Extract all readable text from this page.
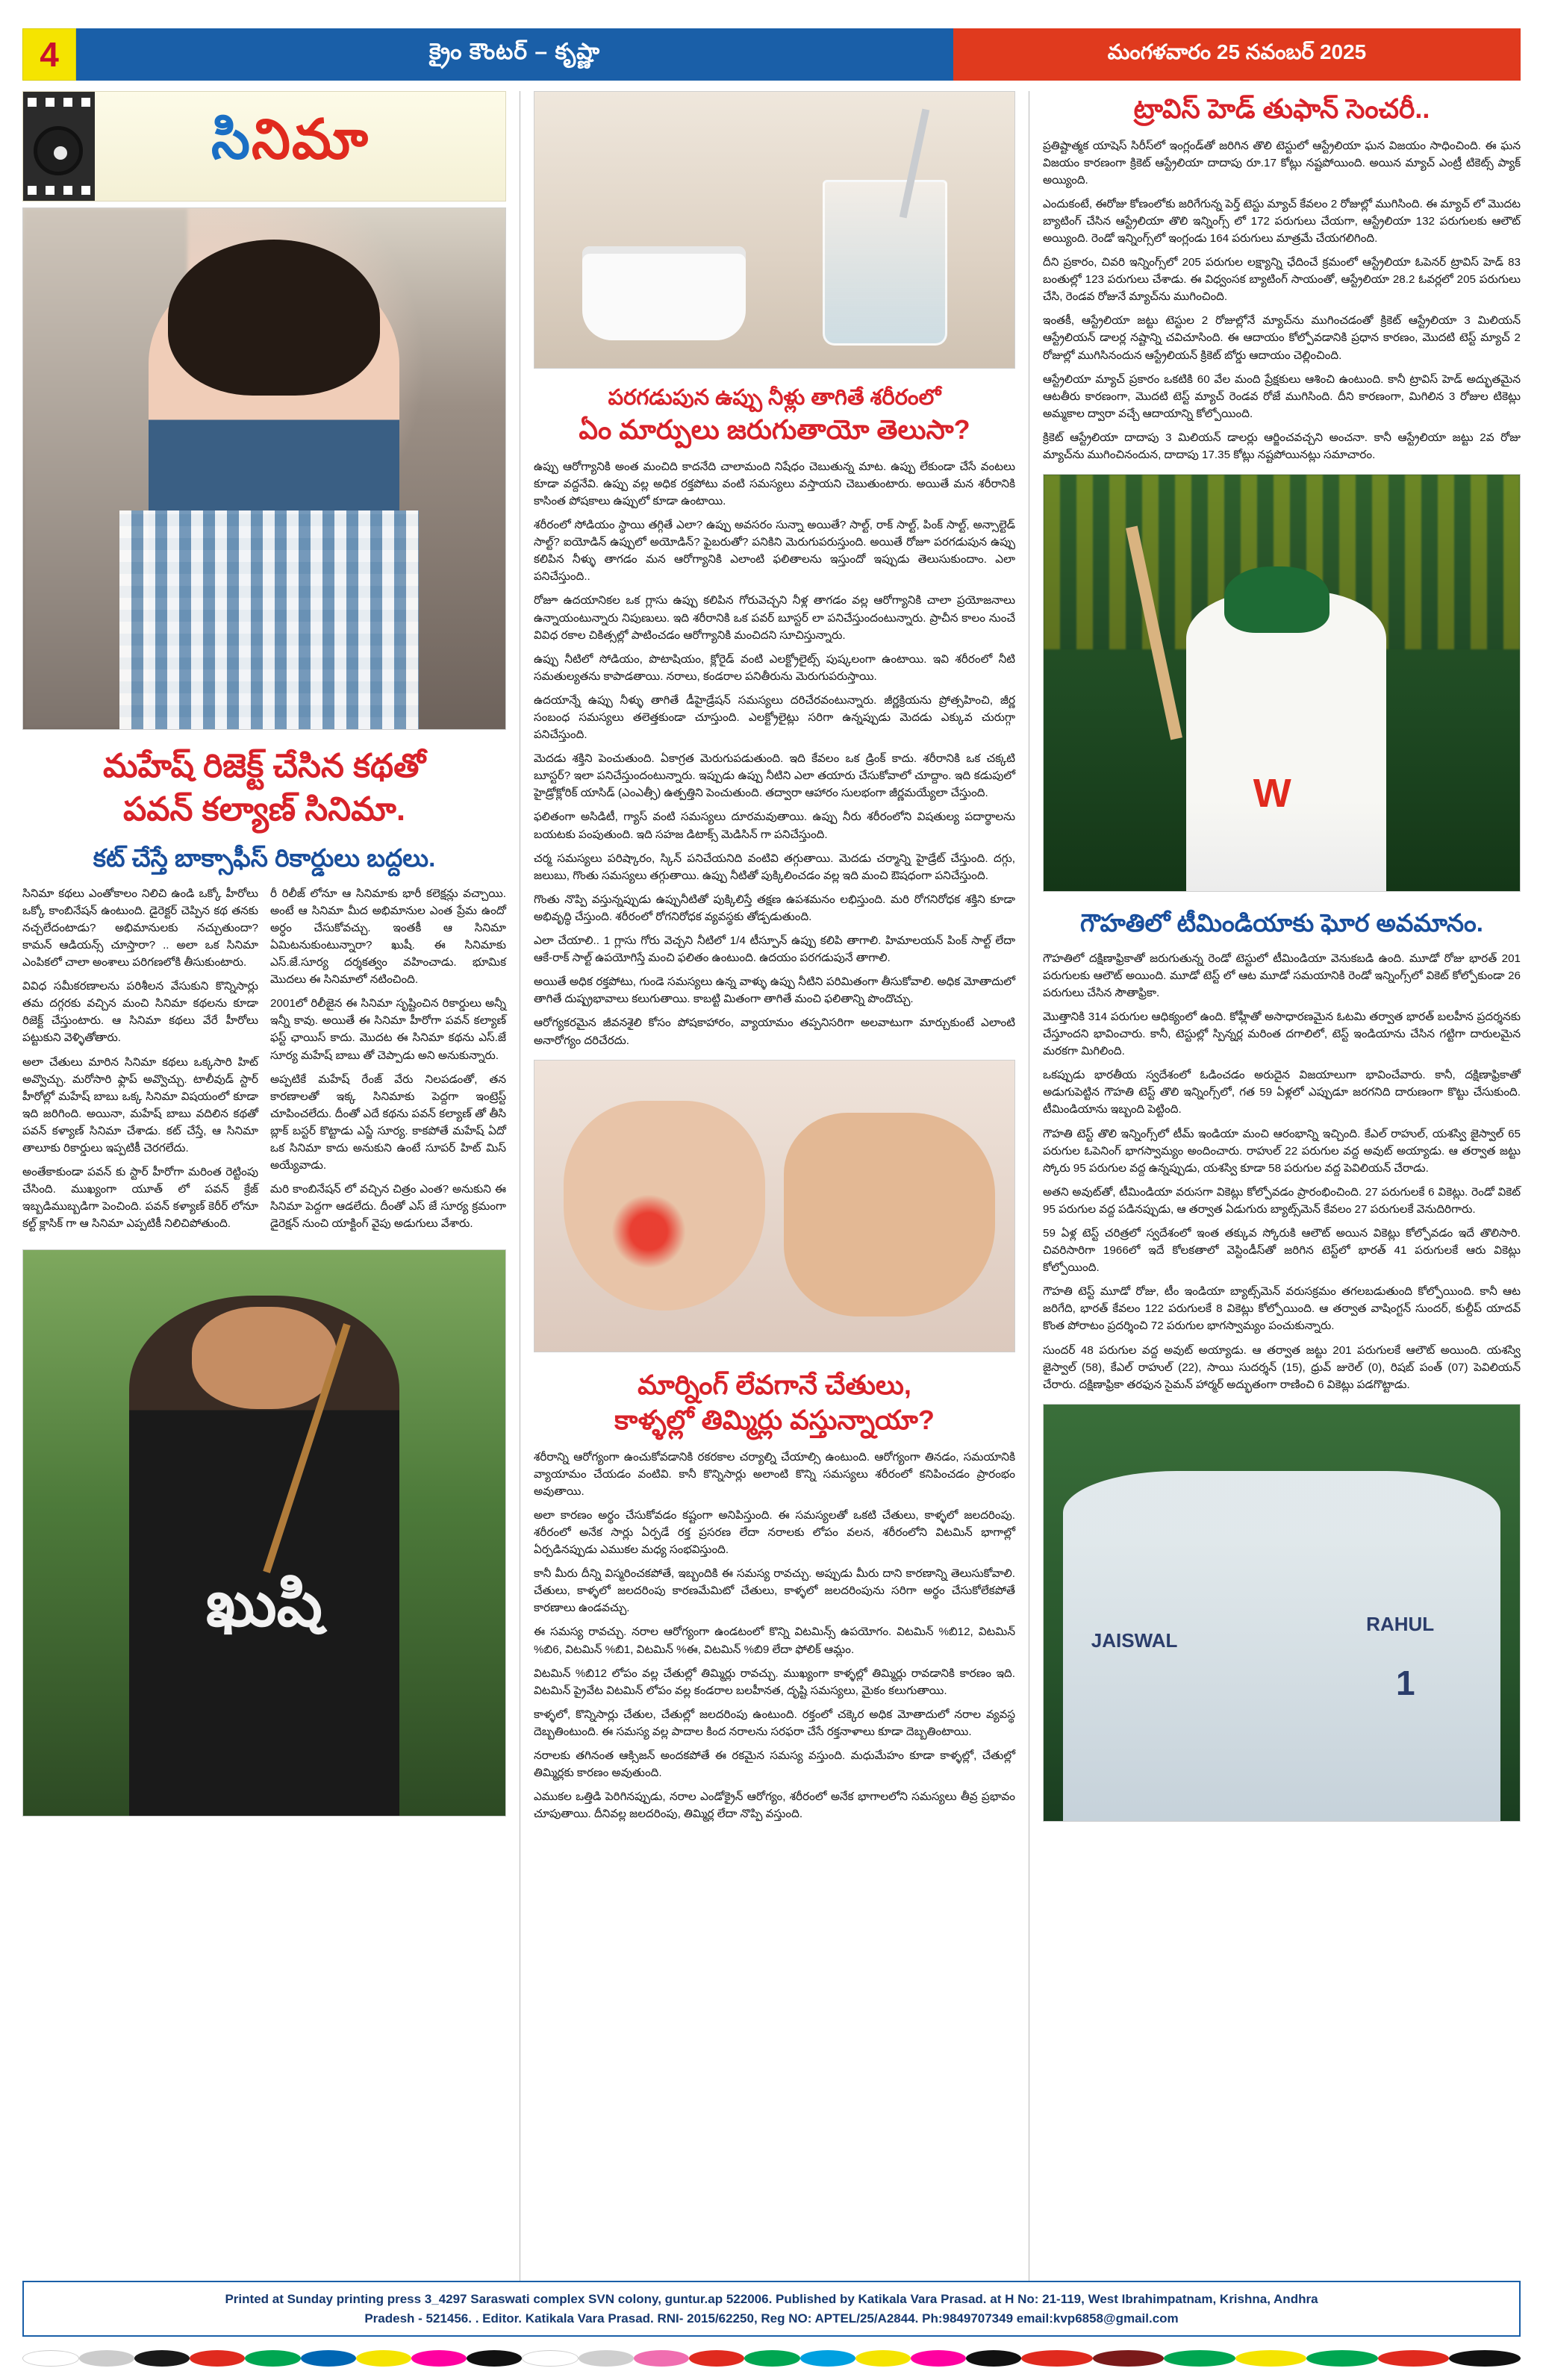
4	క్రైం కౌంటర్ – కృష్ణా	మంగళవారం 25 నవంబర్ 2025
సినిమా
మహేష్ రిజెక్ట్ చేసిన కథతో
పవన్ కల్యాణ్ సినిమా.
కట్ చేస్తే బాక్సాఫీస్ రికార్డులు బద్దలు.

సినిమా కథలు ఎంతోకాలం నిలిచి ఉండి ఒక్కో హీరోలు ఒక్కో కాంబినేషన్ ఉంటుంది. డైరెక్టర్ చెప్పిన కథ తనకు నచ్చలేదంటాడు? అభిమానులకు నచ్చుతుందా? కామన్ ఆడియన్స్ చూస్తారా? .. అలా ఒక సినిమా ఎంపికలో చాలా అంశాలు పరిగణలోకి తీసుకుంటారు.

వివిధ సమీకరణాలను పరిశీలన వేసుకుని కొన్నిసార్లు తమ దగ్గరకు వచ్చిన మంచి సినిమా కథలను కూడా రిజెక్ట్ చేస్తుంటారు. ఆ సినిమా కథలు వేరే హీరోలు పట్టుకుని వెళ్ళితోతారు.

అలా చేతులు మారిన సినిమా కథలు ఒక్కసారి హిట్ అవ్వొచ్చు. మరోసారి ఫ్లాప్ అవ్వొచ్చు. టాలీవుడ్ స్టార్ హీరోల్లో మహేష్ బాబు ఒక్క సినిమా విషయంలో కూడా ఇది జరిగింది. అయినా, మహేష్ బాబు వదిలిన కథతో పవన్ కళ్యాణ్ సినిమా చేశాడు. కట్ చేస్తే, ఆ సినిమా తాలూకు రికార్డులు ఇప్పటికీ చెరగలేదు.

అంతేకాకుండా పవన్ కు స్టార్ హీరోగా మరింత రెట్టింపు చేసింది. ముఖ్యంగా యూత్ లో పవన్ క్రేజ్ ఇబ్బడిముబ్బడిగా పెంచింది. పవన్ కళ్యాణ్ కెరీర్ లోనూ కల్ట్ క్లాసిక్ గా ఆ సినిమా ఎప్పటికీ నిలిచిపోతుంది.

రీ రిలీజ్ లోనూ ఆ సినిమాకు భారీ కలెక్షన్లు వచ్చాయి. అంటే ఆ సినిమా మీద అభిమానుల ఎంత ప్రేమ ఉందో అర్ధం చేసుకోవచ్చు. ఇంతకీ ఆ సినిమా ఏమిటనుకుంటున్నారా? ఖుషీ. ఈ సినిమాకు ఎస్.జే.సూర్య దర్శకత్వం వహించాడు. భూమిక మొదలు ఈ సినిమాలో నటించింది.

2001లో రిలీజైన ఈ సినిమా సృష్టించిన రికార్డులు అన్నీ ఇన్నీ కావు. అయితే ఈ సినిమా హీరోగా పవన్ కల్యాణ్ ఫస్ట్ ఛాయిస్ కాదు. మొదట ఈ సినిమా కథను ఎస్.జే సూర్య మహేష్ బాబు తో చెప్పాడు అని అనుకున్నారు.

అప్పటికే మహేష్ రేంజ్ వేరు నిలపడంతో, తన కారణాలతో ఇక్క సినిమాకు పెద్దగా ఇంట్రెస్ట్ చూపించలేదు. దీంతో ఎదే కథను పవన్ కల్యాణ్ తో తీసి బ్లాక్ బస్టర్ కొట్టాడు ఎస్జే సూర్య. కాకపోతే మహేష్ ఏదో ఒక సినిమా కాదు అనుకుని ఉంటే సూపర్ హిట్ మిస్ అయ్యేవాడు.

మరి కాంబినేషన్ లో వచ్చిన చిత్రం ఎంత? అనుకుని ఈ సినిమా పెద్దగా ఆడలేదు. దీంతో ఎస్ జే సూర్య క్రమంగా డైరెక్షన్ నుంచి యాక్టింగ్ వైపు అడుగులు వేశారు.

ఖుషి
పరగడుపున ఉప్పు నీళ్లు తాగితే శరీరంలో
ఏం మార్పులు జరుగుతాయో తెలుసా?

ఉప్పు ఆరోగ్యానికి అంత మంచిది కాదనేది చాలామంది నిషేధం చెబుతున్న మాట. ఉప్పు లేకుండా చేసే వంటలు కూడా వద్దనేవి. ఉప్పు వల్ల అధిక రక్తపోటు వంటి సమస్యలు వస్తాయని చెబుతుంటారు. అయితే మన శరీరానికి కాసింత పోషకాలు ఉప్పులో కూడా ఉంటాయి.

శరీరంలో సోడియం స్థాయి తగ్గితే ఎలా? ఉప్పు అవసరం సున్నా అయితే? సాల్ట్, రాక్ సాల్ట్, పింక్ సాల్ట్, అన్సాల్టెడ్ సాల్ట్? ఐయోడిన్ ఉప్పులో అయోడిన్? ఫైబరుతో? పనికిని మెరుగుపరుస్తుంది. అయితే రోజూ పరగడుపున ఉప్పు కలిపిన నీళ్ళు తాగడం మన ఆరోగ్యానికి ఎలాంటి ఫలితాలను ఇస్తుందో ఇప్పుడు తెలుసుకుందాం. ఎలా పనిచేస్తుంది..

రోజూ ఉదయానికల ఒక గ్లాసు ఉప్పు కలిపిన గోరువెచ్చని నీళ్ల తాగడం వల్ల ఆరోగ్యానికి చాలా ప్రయోజనాలు ఉన్నాయంటున్నారు నిపుణులు. ఇది శరీరానికి ఒక పవర్ బూస్టర్ లా పనిచేస్తుందంటున్నారు. ప్రాచీన కాలం నుంచే వివిధ రకాల చికిత్సల్లో పాటించడం ఆరోగ్యానికి మంచిదని సూచిస్తున్నారు.

ఉప్పు నీటిలో సోడియం, పొటాషియం, క్లోరైడ్ వంటి ఎలక్ట్రోలైట్స్ పుష్కలంగా ఉంటాయి. ఇవి శరీరంలో నీటి సమతుల్యతను కాపాడతాయి. నరాలు, కండరాల పనితీరును మెరుగుపరుస్తాయి.

ఉదయాన్నే ఉప్పు నీళ్ళు తాగితే డీహైడ్రేషన్ సమస్యలు దరిచేరవంటున్నారు. జీర్ణక్రియను ప్రోత్సహించి, జీర్ణ సంబంధ సమస్యలు తలెత్తకుండా చూస్తుంది. ఎలక్ట్రోలైట్లు సరిగా ఉన్నప్పుడు మెదడు ఎక్కువ చురుగ్గా పనిచేస్తుంది.

మెదడు శక్తిని పెంచుతుంది. ఏకాగ్రత మెరుగుపడుతుంది. ఇది కేవలం ఒక డ్రింక్ కాదు. శరీరానికి ఒక చక్కటి బూస్టర్? ఇలా పనిచేస్తుందంటున్నారు. ఇప్పుడు ఉప్పు నీటిని ఎలా తయారు చేసుకోవాలో చూద్దాం. ఇది కడుపులో హైడ్రోక్లోరిక్ యాసిడ్ (ఎంఎత్సీ) ఉత్పత్తిని పెంచుతుంది. తద్వారా ఆహారం సులభంగా జీర్ణమయ్యేలా చేస్తుంది.

ఫలితంగా అసిడిటీ, గ్యాస్ వంటి సమస్యలు దూరమవుతాయి. ఉప్పు నీరు శరీరంలోని విషతుల్య పదార్థాలను బయటకు పంపుతుంది. ఇది సహజ డిటాక్స్ మెడిసిన్ గా పనిచేస్తుంది.

చర్మ సమస్యలు పరిష్కారం, స్కిన్ పనిచేయనిది వంటివి తగ్గుతాయి. మెదడు చర్మాన్ని హైడ్రేట్ చేస్తుంది. దగ్గు, జలుబు, గొంతు సమస్యలు తగ్గుతాయి. ఉప్పు నీటితో పుక్కిలించడం వల్ల ఇది మంచి ఔషధంగా పనిచేస్తుంది.

గొంతు నొప్పి వస్తున్నప్పుడు ఉప్పునీటితో పుక్కిలిస్తే తక్షణ ఉపశమనం లభిస్తుంది. మరి రోగనిరోధక శక్తిని కూడా అభివృద్ధి చేస్తుంది. శరీరంలో రోగనిరోధక వ్యవస్థకు తోడ్పడుతుంది.

ఎలా చేయాలి.. 1 గ్లాసు గోరు వెచ్చని నీటిలో 1/4 టీస్పూన్ ఉప్పు కలిపి తాగాలి. హిమాలయన్ పింక్ సాల్ట్ లేదా ఆకే-రాక్ సాల్ట్ ఉపయోగిస్తే మంచి ఫలితం ఉంటుంది. ఉదయం పరగడుపునే తాగాలి.

అయితే అధిక రక్తపోటు, గుండె సమస్యలు ఉన్న వాళ్ళు ఉప్పు నీటిని పరిమితంగా తీసుకోవాలి. అధిక మోతాదులో తాగితే దుష్ప్రభావాలు కలుగుతాయి. కాబట్టి మితంగా తాగితే మంచి ఫలితాన్ని పొందొచ్చు.

ఆరోగ్యకరమైన జీవనశైలి కోసం పోషకాహారం, వ్యాయామం తప్పనిసరిగా అలవాటుగా మార్చుకుంటే ఎలాంటి అనారోగ్యం దరిచేరదు.

మార్నింగ్ లేవగానే చేతులు,
కాళ్ళల్లో తిమ్మిర్లు వస్తున్నాయా?

శరీరాన్ని ఆరోగ్యంగా ఉంచుకోవడానికి రకరకాల చర్యాల్ని చేయాల్సి ఉంటుంది. ఆరోగ్యంగా తినడం, సమయానికి వ్యాయామం చేయడం వంటివి. కానీ కొన్నిసార్లు అలాంటి కొన్ని సమస్యలు శరీరంలో కనిపించడం ప్రారంభం అవుతాయి.

అలా కారణం అర్థం చేసుకోవడం కష్టంగా అనిపిస్తుంది. ఈ సమస్యలతో ఒకటి చేతులు, కాళ్ళలో జలదరింపు. శరీరంలో అనేక సార్లు ఏర్పడే రక్త ప్రసరణ లేదా నరాలకు లోపం వలన, శరీరంలోని విటమిన్ భాగాల్లో ఏర్పడినప్పుడు ఎముకల మధ్య సంభవిస్తుంది.

కానీ మీరు దీన్ని విస్మరించకపోతే, ఇబ్బందికి ఈ సమస్య రావచ్చు. అప్పుడు మీరు దాని కారణాన్ని తెలుసుకోవాలి. చేతులు, కాళ్ళలో జలదరింపు కారణమేమిటో చేతులు, కాళ్ళలో జలదరింపును సరిగా అర్థం చేసుకోలేకపోతే కారణాలు ఉండవచ్చు.

ఈ సమస్య రావచ్చు. నరాల ఆరోగ్యంగా ఉండటంలో కొన్ని విటమిన్స్ ఉపయోగం. విటమిన్ %బి12, విటమిన్ %బి6, విటమిన్ %బి1, విటమిన్ %ఈ, విటమిన్ %బి9 లేదా ఫోలిక్ ఆమ్లం.

విటమిన్ %బి12 లోపం వల్ల చేతుల్లో తిమ్మిర్లు రావచ్చు. ముఖ్యంగా కాళ్ళల్లో తిమ్మిర్లు రావడానికి కారణం ఇది. విటమిన్ ప్రైవేట విటమిన్ లోపం వల్ల కండరాల బలహీనత, దృష్టి సమస్యలు, మైకం కలుగుతాయి.

కాళ్ళలో, కొన్నిసార్లు చేతుల, చేతుల్లో జలదరింపు ఉంటుంది. రక్తంలో చక్కెర అధిక మోతాదులో నరాల వ్యవస్థ దెబ్బతింటుంది. ఈ సమస్య వల్ల పాదాల కింద నరాలను సరఫరా చేసే రక్తనాళాలు కూడా దెబ్బతింటాయి.

నరాలకు తగినంత ఆక్సిజన్ అందకపోతే ఈ రకమైన సమస్య వస్తుంది. మధుమేహం కూడా కాళ్ళల్లో, చేతుల్లో తిమ్మిర్లకు కారణం అవుతుంది.

ఎముకల ఒత్తిడి పెరిగినప్పుడు, నరాల ఎండోక్రైన్ ఆరోగ్యం, శరీరంలో అనేక భాగాలలోని సమస్యలు తీవ్ర ప్రభావం చూపుతాయి. దీనివల్ల జలదరింపు, తిమ్మిర్ల లేదా నొప్పి వస్తుంది.

ట్రావిస్ హెడ్ తుఫాన్ సెంచరీ..

ప్రతిష్టాత్మక యాషెస్ సిరీస్‌లో ఇంగ్లండ్‌తో జరిగిన తొలి టెస్టులో ఆస్ట్రేలియా ఘన విజయం సాధించింది. ఈ ఘన విజయం కారణంగా క్రికెట్ ఆస్ట్రేలియా దాదాపు రూ.17 కోట్లు నష్టపోయింది. అయిన మ్యాచ్ ఎంట్రీ టికెట్స్ ప్యాక్ అయ్యింది.

ఎందుకంటే, ఈరోజు కోణంలోకు జరిగేగున్న పెర్త్ టెస్టు మ్యాచ్ కేవలం 2 రోజుల్లో ముగిసింది. ఈ మ్యాచ్ లో మొదట బ్యాటింగ్ చేసిన ఆస్ట్రేలియా తొలి ఇన్నింగ్స్ లో 172 పరుగులు చేయగా, ఆస్ట్రేలియా 132 పరుగులకు ఆలౌట్ అయ్యింది. రెండో ఇన్నింగ్స్‌లో ఇంగ్లండు 164 పరుగులు మాత్రమే చేయగలిగింది.

దీని ప్రకారం, చివరి ఇన్నింగ్స్‌లో 205 పరుగుల లక్ష్యాన్ని ఛేదించే క్రమంలో ఆస్ట్రేలియా ఓపెనర్ ట్రావిస్ హెడ్ 83 బంతుల్లో 123 పరుగులు చేశాడు. ఈ విధ్వంసక బ్యాటింగ్ సాయంతో, ఆస్ట్రేలియా 28.2 ఓవర్లలో 205 పరుగులు చేసి, రెండవ రోజునే మ్యాచ్‌ను ముగించింది.

ఇంతకీ, ఆస్ట్రేలియా జట్టు టెస్టుల 2 రోజుల్లోనే మ్యాచ్‌ను ముగించడంతో క్రికెట్ ఆస్ట్రేలియా 3 మిలియన్ ఆస్ట్రేలియన్ డాలర్ల నష్టాన్ని చవిచూసింది. ఈ ఆదాయం కోల్పోవడానికి ప్రధాన కారణం, మొదటి టెస్ట్ మ్యాచ్ 2 రోజుల్లో ముగిసినందున ఆస్ట్రేలియన్ క్రికెట్ బోర్డు ఆదాయం చెల్లించింది.

ఆస్ట్రేలియా మ్యాచ్ ప్రకారం ఒకటికి 60 వేల మంది ప్రేక్షకులు ఆశించి ఉంటుంది. కానీ ట్రావిస్ హెడ్ అద్భుతమైన ఆటతీరు కారణంగా, మొదటి టెస్ట్ మ్యాచ్ రెండవ రోజే ముగిసింది. దీని కారణంగా, మిగిలిన 3 రోజుల టికెట్లు అమ్మకాల ద్వారా వచ్చే ఆదాయాన్ని కోల్పోయింది.

క్రికెట్ ఆస్ట్రేలియా దాదాపు 3 మిలియన్ డాలర్లు ఆర్జించవచ్చని అంచనా. కానీ ఆస్ట్రేలియా జట్టు 2వ రోజు మ్యాచ్‌ను ముగించినందున, దాదాపు 17.35 కోట్లు నష్టపోయినట్లు సమాచారం.

W
గౌహతిలో టీమిండియాకు ఘోర అవమానం.

గౌహతిలో దక్షిణాఫ్రికాతో జరుగుతున్న రెండో టెస్టులో టీమిండియా వెనుకబడి ఉంది. మూడో రోజు భారత్ 201 పరుగులకు ఆలౌట్ అయింది. మూడో టెస్ట్ లో ఆట మూడో సమయానికి రెండో ఇన్నింగ్స్‌లో వికెట్ కోల్పోకుండా 26 పరుగులు చేసిన సౌతాఫ్రికా.

మొత్తానికి 314 పరుగుల ఆధిక్యంలో ఉంది. కోహ్లీతో అసాధారణమైన ఓటమి తర్వాత భారత్ బలహీన ప్రదర్శనకు చేస్తూందని భావించారు. కానీ, టెస్టుల్లో స్పిన్నర్ల మరింత దగాలిలో, టెస్ట్ ఇండియాను చేసిన గట్టిగా దారులమైన మరకగా మిగిలింది.

ఒకప్పుడు భారతీయ స్వదేశంలో ఓడించడం అరుదైన విజయాలుగా భావించేవారు. కానీ, దక్షిణాఫ్రికాతో అడుగుపెట్టిన గౌహతి టెస్ట్ తొలి ఇన్నింగ్స్‌లో, గత 59 ఏళ్లలో ఎప్పుడూ జరగనిది దారుణంగా కొట్టు చేసుకుంది. టీమిండియాను ఇబ్బంది పెట్టింది.

గౌహతి టెస్ట్ తొలి ఇన్నింగ్స్‌లో టీమ్ ఇండియా మంచి ఆరంభాన్ని ఇచ్చింది. కేఎల్ రాహుల్, యశస్వి జైస్వాల్ 65 పరుగుల ఓపెనింగ్ భాగస్వామ్యం అందించారు. రాహుల్ 22 పరుగుల వద్ద అవుట్ అయ్యాడు. ఆ తర్వాత జట్టు స్కోరు 95 పరుగుల వద్ద ఉన్నప్పుడు, యశస్వి కూడా 58 పరుగుల వద్ద పెవిలియన్ చేరాడు.

అతని అవుట్‌తో, టీమిండియా వరుసగా వికెట్లు కోల్పోవడం ప్రారంభించింది. 27 పరుగులకే 6 వికెట్లు. రెండో వికెట్ 95 పరుగుల వద్ద పడినప్పుడు, ఆ తర్వాత ఏడుగురు బ్యాట్స్‌మెన్ కేవలం 27 పరుగులకే వెనుదిరిగారు.

59 ఏళ్ల టెస్ట్ చరిత్రలో స్వదేశంలో ఇంత తక్కువ స్కోరుకి ఆలౌట్ అయిన వికెట్లు కోల్పోవడం ఇదే తొలిసారి. చివరిసారిగా 1966లో ఇదే కోలకతాలో వెస్టిండీస్‌తో జరిగిన టెస్ట్‌లో భారత్ 41 పరుగులకే ఆరు వికెట్లు కోల్పోయింది.

గౌహతి టెస్ట్ మూడో రోజు, టీం ఇండియా బ్యాట్స్‌మెన్ వరుసక్రమం తగలబడుతుంది కోల్పోయింది. కానీ ఆట జరిగేది, భారత్ కేవలం 122 పరుగులకే 8 వికెట్లు కోల్పోయింది. ఆ తర్వాత వాషింగ్టన్ సుందర్, కుల్దీప్ యాదవ్ కొంత పోరాటం ప్రదర్శించి 72 పరుగుల భాగస్వామ్యం పంచుకున్నారు.

సుందర్ 48 పరుగుల వద్ద అవుట్ అయ్యాడు. ఆ తర్వాత జట్టు 201 పరుగులకే ఆలౌట్ అయింది. యశస్వి జైస్వాల్ (58), కేఎల్ రాహుల్ (22), సాయి సుదర్శన్ (15), ధ్రువ్ జురెల్ (0), రిషబ్ పంత్ (07) పెవిలియన్ చేరారు. దక్షిణాఫ్రికా తరఫున సైమన్ హార్మర్ అద్భుతంగా రాణించి 6 వికెట్లు పడగొట్టాడు.

JAISWAL
RAHUL
1
Printed at Sunday printing press 3_4297 Saraswati complex SVN colony, guntur.ap 522006. Published by Katikala Vara Prasad. at H No: 21-119, West Ibrahimpatnam, Krishna, Andhra
Pradesh - 521456. . Editor. Katikala Vara Prasad. RNI- 2015/62250, Reg NO: APTEL/25/A2844. Ph:9849707349 email:kvp6858@gmail.com
